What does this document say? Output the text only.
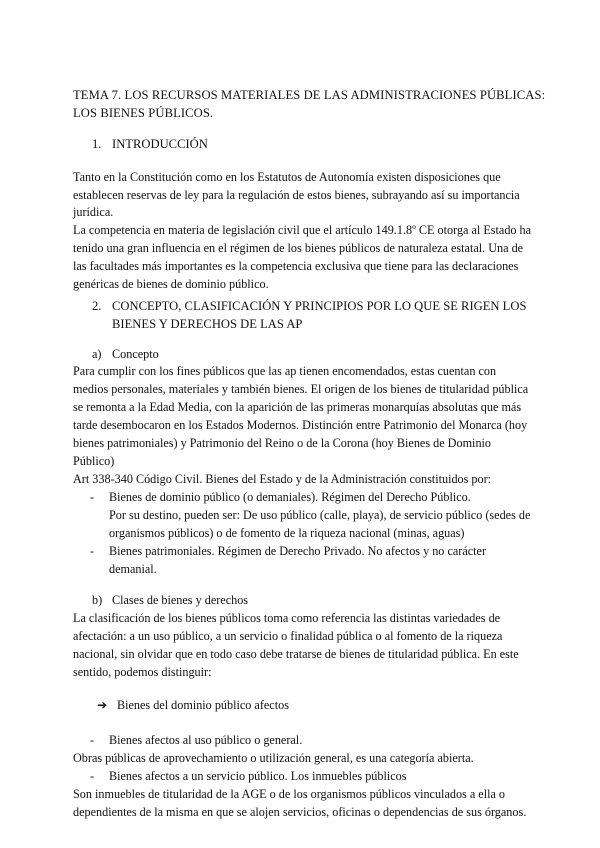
TEMA 7. LOS RECURSOS MATERIALES DE LAS ADMINISTRACIONES PÚBLICAS:
LOS BIENES PÚBLICOS.
1. INTRODUCCIÓN
Tanto en la Constitución como en los Estatutos de Autonomía existen disposiciones que
establecen reservas de ley para la regulación de estos bienes, subrayando así su importancia
jurídica.
La competencia en materia de legislación civil que el artículo 149.1.8º CE otorga al Estado ha
tenido una gran influencia en el régimen de los bienes públicos de naturaleza estatal. Una de
las facultades más importantes es la competencia exclusiva que tiene para las declaraciones
genéricas de bienes de dominio público.
2. CONCEPTO, CLASIFICACIÓN Y PRINCIPIOS POR LO QUE SE RIGEN LOS
BIENES Y DERECHOS DE LAS AP
a) Concepto
Para cumplir con los fines públicos que las ap tienen encomendados, estas cuentan con
medios personales, materiales y también bienes. El origen de los bienes de titularidad pública
se remonta a la Edad Media, con la aparición de las primeras monarquías absolutas que más
tarde desembocaron en los Estados Modernos. Distinción entre Patrimonio del Monarca (hoy
bienes patrimoniales) y Patrimonio del Reino o de la Corona (hoy Bienes de Dominio
Público)
Art 338-340 Código Civil. Bienes del Estado y de la Administración constituidos por:
- Bienes de dominio público (o demaniales). Régimen del Derecho Público.
Por su destino, pueden ser: De uso público (calle, playa), de servicio público (sedes de
organismos públicos) o de fomento de la riqueza nacional (minas, aguas)
- Bienes patrimoniales. Régimen de Derecho Privado. No afectos y no carácter
demanial.
b) Clases de bienes y derechos
La clasificación de los bienes públicos toma como referencia las distintas variedades de
afectación: a un uso público, a un servicio o finalidad pública o al fomento de la riqueza
nacional, sin olvidar que en todo caso debe tratarse de bienes de titularidad pública. En este
sentido, podemos distinguir:
➔ Bienes del dominio público afectos
- Bienes afectos al uso público o general.
Obras públicas de aprovechamiento o utilización general, es una categoría abierta.
- Bienes afectos a un servicio público. Los inmuebles públicos
Son inmuebles de titularidad de la AGE o de los organismos públicos vinculados a ella o
dependientes de la misma en que se alojen servicios, oficinas o dependencias de sus órganos.
